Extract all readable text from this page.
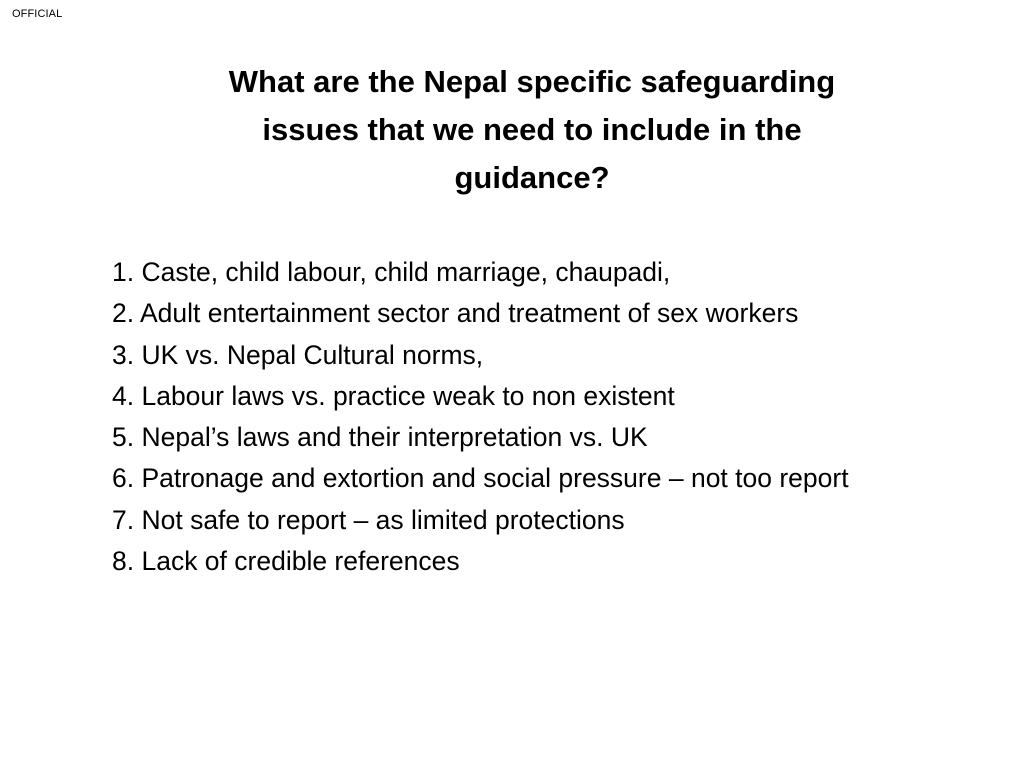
OFFICIAL
What are the Nepal specific safeguarding
issues that we need to include in the
guidance?
1. Caste, child labour, child marriage, chaupadi,
2. Adult entertainment sector and treatment of sex workers
3. UK vs. Nepal Cultural norms,
4. Labour laws vs. practice weak to non existent
5. Nepal’s laws and their interpretation vs. UK
6. Patronage and extortion and social pressure – not too report
7. Not safe to report – as limited protections
8. Lack of credible references
